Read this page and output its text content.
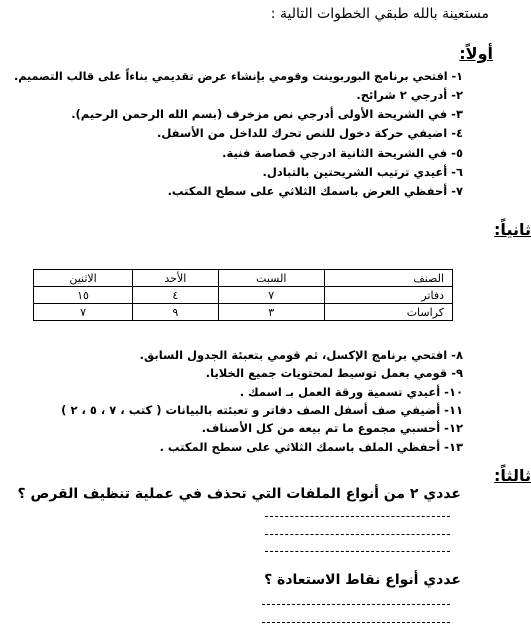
مستعينة بالله طبقي الخطوات التالية :
أولاً:
١- افتحي برنامج البوربوينت وقومي بإنشاء عرض تقديمي بناءاً على قالب التصميم.
٢- أدرجي ٢ شرائح.
٣- في الشريحة الأولى أدرجي نص مزخرف (بسم الله الرحمن الرحيم).
٤- اضيفي حركة دخول للنص تحرك للداخل من الأسفل.
٥- في الشريحة الثانية ادرجي قصاصة فنية.
٦- أعيدي ترتيب الشريحتين بالتبادل.
٧- أحفظي العرض باسمك الثلاثي على سطح المكتب.
ثانياً:
الصنف	السبت	الأحد	الاثنين
دفاتر	٧	٤	١٥
كراسات	٣	٩	٧
٨- افتحي برنامج الإكسل، ثم قومي بتعبئة الجدول السابق.
٩- قومي بعمل توسيط لمحتويات جميع الخلايا.
١٠- أعيدي تسمية ورقة العمل بـ اسمك .
١١- أضيفي صف أسفل الصف دفاتر و تعبئته بالبيانات ( كتب ، ٧ ، ٥ ، ٢ )
١٢- أحسبي مجموع ما تم بيعه من كل الأصناف.
١٣- أحفظي الملف باسمك الثلاثي على سطح المكتب .
ثالثاً:
عددي ٢ من أنواع الملفات التي تحذف في عملية تنظيف القرص ؟
عددي أنواع نقاط الاستعادة ؟
